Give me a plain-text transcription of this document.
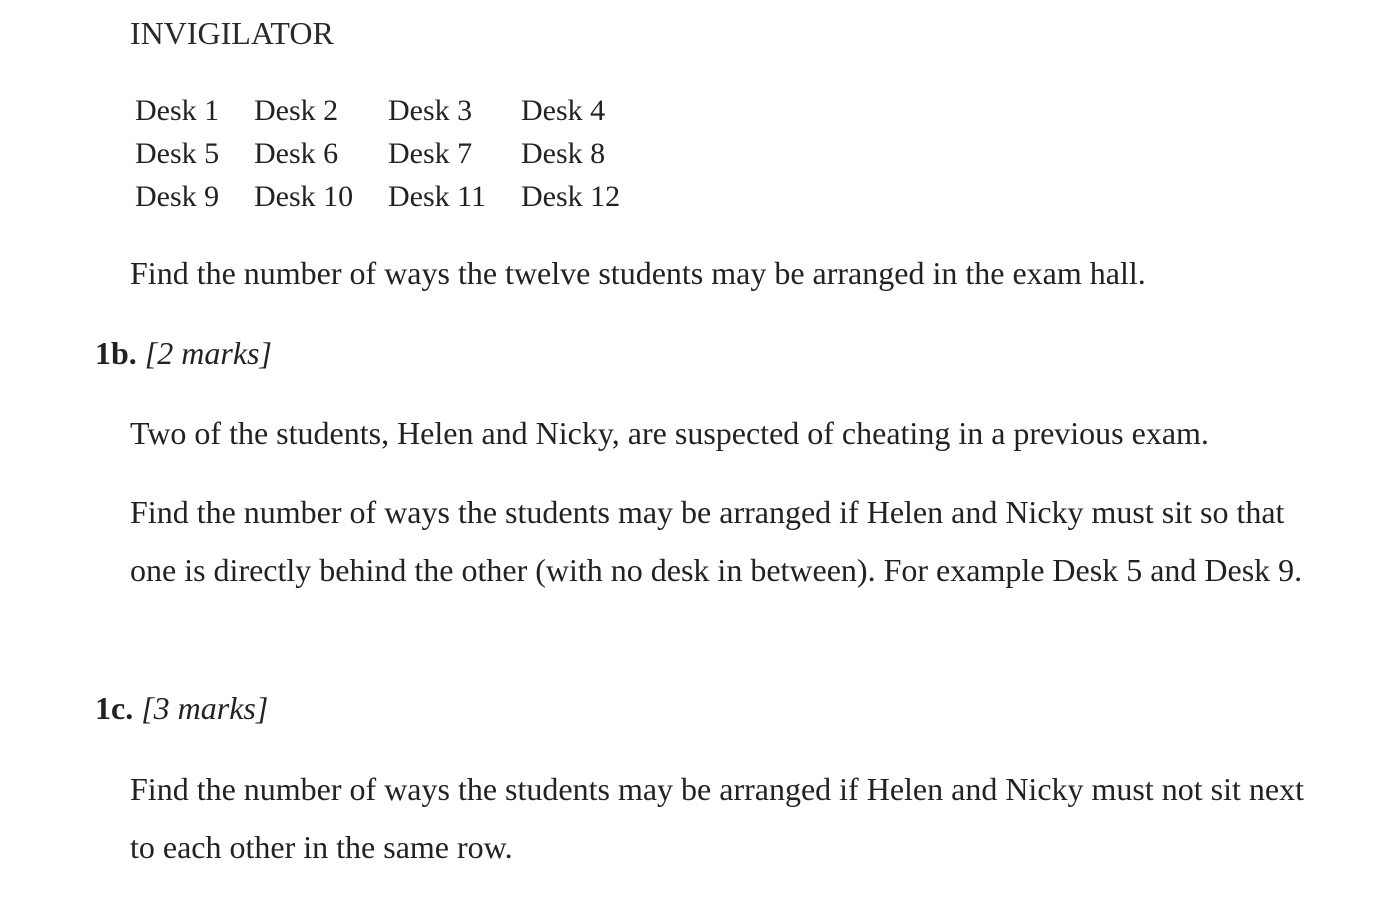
INVIGILATOR
Desk 1	Desk 2	Desk 3	Desk 4
Desk 5	Desk 6	Desk 7	Desk 8
Desk 9	Desk 10	Desk 11	Desk 12

Find the number of ways the twelve students may be arranged in the exam hall.

1b. [2 marks]

Two of the students, Helen and Nicky, are suspected of cheating in a previous exam.

Find the number of ways the students may be arranged if Helen and Nicky must sit so that one is directly behind the other (with no desk in between). For example Desk 5 and Desk 9.

1c. [3 marks]

Find the number of ways the students may be arranged if Helen and Nicky must not sit next to each other in the same row.
